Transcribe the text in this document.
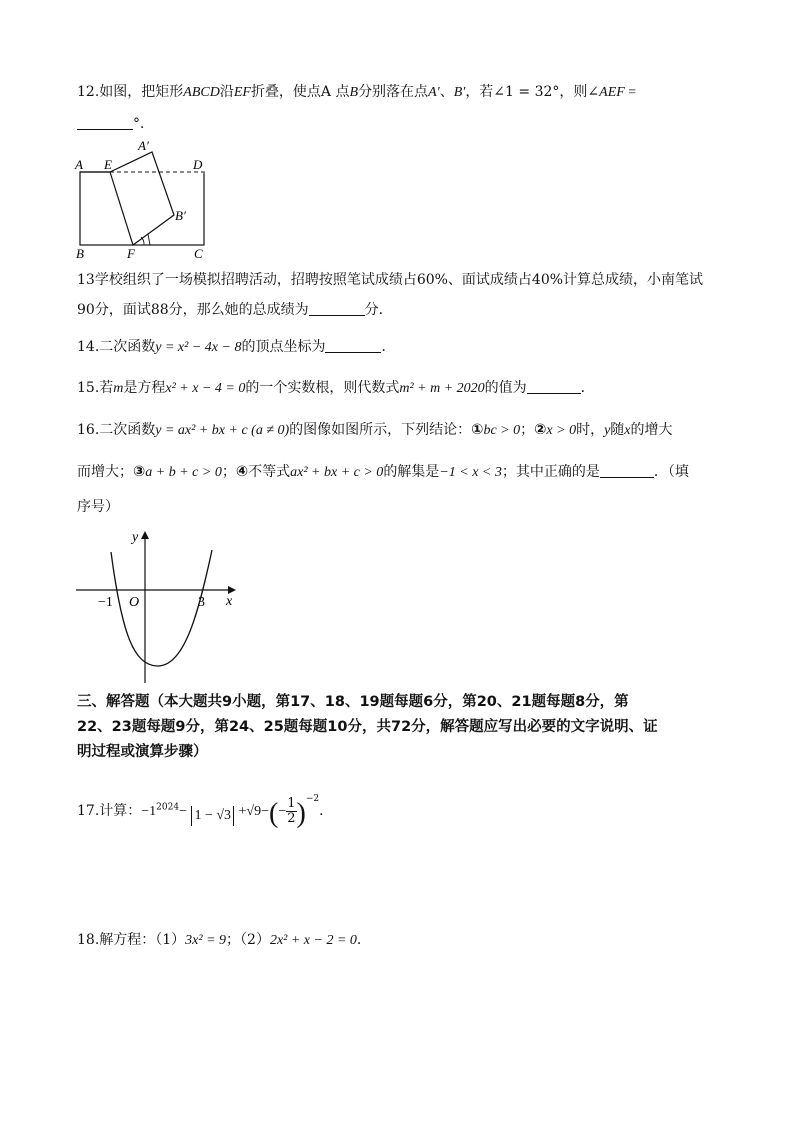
12.如图，把矩形ABCD沿EF折叠，使点A 点B分别落在点A′、B′，若∠1 = 32°，则∠AEF =
°．
A E	D
A′
B′
B	F	C
13学校组织了一场模拟招聘活动，招聘按照笔试成绩占60%、面试成绩占40%计算总成绩，小南笔试
90分，面试88分，那么她的总成绩为	分．
14.二次函数y = x² − 4x − 8的顶点坐标为	．
15.若m是方程x² + x − 4 = 0的一个实数根，则代数式m² + m + 2020的值为	．
16.二次函数y = ax² + bx + c (a ≠ 0)的图像如图所示，下列结论：①bc > 0；②x > 0时，y随x的增大
而增大；③a + b + c > 0；④不等式ax² + bx + c > 0的解集是−1 < x < 3；其中正确的是	．（填
序号）
y
x
−1 O	3
三、解答题（本大题共9小题，第17、18、19题每题6分，第20、21题每题8分，第
22、23题每题9分，第24、25题每题10分，共72分，解答题应写出必要的文字说明、证
明过程或演算步骤）
17.计算：$-1^{2024}- 1 - √3 +√9-(- \frac{1}{2} )^{-2}$．
18.解方程：（1）3x² = 9；（2）2x² + x − 2 = 0．
